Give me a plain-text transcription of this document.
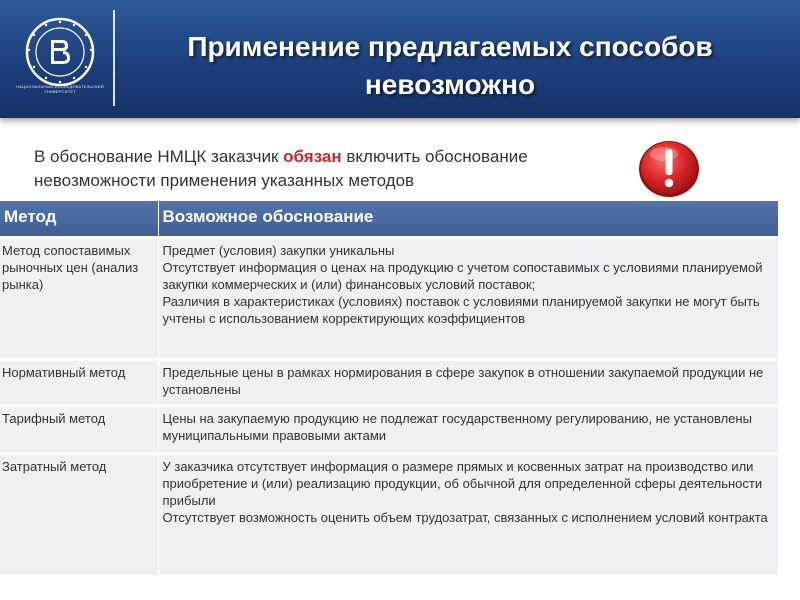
НАЦИОНАЛЬНЫЙ ИССЛЕДОВАТЕЛЬСКИЙ УНИВЕРСИТЕТ
Применение предлагаемых способов
невозможно
В обоснование НМЦК заказчик обязан включить обоснование невозможности применения указанных методов
Метод	Возможное обоснование
Метод сопоставимых рыночных цен (анализ рынка)	Предмет (условия) закупки уникальны
Отсутствует информация о ценах на продукцию с учетом сопоставимых с условиями планируемой закупки коммерческих и (или) финансовых условий поставок;
Различия в характеристиках (условиях) поставок с условиями планируемой закупки не могут быть учтены с использованием корректирующих коэффициентов

Нормативный метод	Предельные цены в рамках нормирования в сфере закупок в отношении закупаемой продукции не установлены

Тарифный метод	Цены на закупаемую продукцию не подлежат государственному регулированию, не установлены муниципальными правовыми актами

Затратный метод	У заказчика отсутствует информация о размере прямых и косвенных затрат на производство или приобретение и (или) реализацию продукции, об обычной для определенной сферы деятельности прибыли
Отсутствует возможность оценить объем трудозатрат, связанных с исполнением условий контракта
